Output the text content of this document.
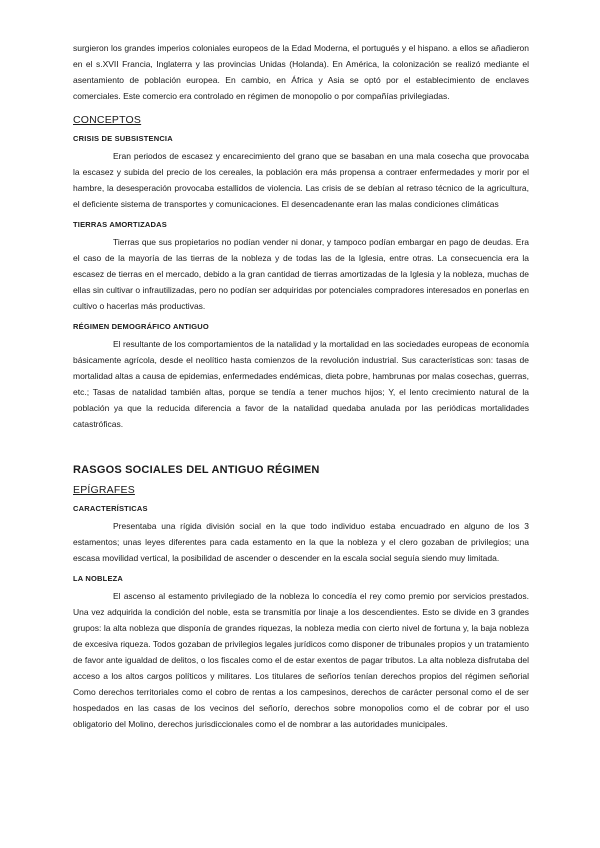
surgieron los grandes imperios coloniales europeos de la Edad Moderna, el portugués y el hispano. a ellos se añadieron en el s.XVII Francia, Inglaterra y las provincias Unidas (Holanda). En América, la colonización se realizó mediante el asentamiento de población europea. En cambio, en África y Asia se optó por el establecimiento de enclaves comerciales. Este comercio era controlado en régimen de monopolio o por compañías privilegiadas.

CONCEPTOS
CRISIS DE SUBSISTENCIA

Eran periodos de escasez y encarecimiento del grano que se basaban en una mala cosecha que provocaba la escasez y subida del precio de los cereales, la población era más propensa a contraer enfermedades y morir por el hambre, la desesperación provocaba estallidos de violencia. Las crisis de se debían al retraso técnico de la agricultura, el deficiente sistema de transportes y comunicaciones. El desencadenante eran las malas condiciones climáticas

TIERRAS AMORTIZADAS

Tierras que sus propietarios no podían vender ni donar, y tampoco podían embargar en pago de deudas. Era el caso de la mayoría de las tierras de la nobleza y de todas las de la Iglesia, entre otras. La consecuencia era la escasez de tierras en el mercado, debido a la gran cantidad de tierras amortizadas de la Iglesia y la nobleza, muchas de ellas sin cultivar o infrautilizadas, pero no podían ser adquiridas por potenciales compradores interesados en ponerlas en cultivo o hacerlas más productivas.

RÉGIMEN DEMOGRÁFICO ANTIGUO

El resultante de los comportamientos de la natalidad y la mortalidad en las sociedades europeas de economía básicamente agrícola, desde el neolítico hasta comienzos de la revolución industrial. Sus características son: tasas de mortalidad altas a causa de epidemias, enfermedades endémicas, dieta pobre, hambrunas por malas cosechas, guerras, etc.; Tasas de natalidad también altas, porque se tendía a tener muchos hijos; Y, el lento crecimiento natural de la población ya que la reducida diferencia a favor de la natalidad quedaba anulada por las periódicas mortalidades catastróficas.

RASGOS SOCIALES DEL ANTIGUO RÉGIMEN
EPÍGRAFES
CARACTERÍSTICAS

Presentaba una rígida división social en la que todo individuo estaba encuadrado en alguno de los 3 estamentos; unas leyes diferentes para cada estamento en la que la nobleza y el clero gozaban de privilegios; una escasa movilidad vertical, la posibilidad de ascender o descender en la escala social seguía siendo muy limitada.

LA NOBLEZA

El ascenso al estamento privilegiado de la nobleza lo concedía el rey como premio por servicios prestados. Una vez adquirida la condición del noble, esta se transmitía por linaje a los descendientes. Esto se divide en 3 grandes grupos: la alta nobleza que disponía de grandes riquezas, la nobleza media con cierto nivel de fortuna y, la baja nobleza de excesiva riqueza. Todos gozaban de privilegios legales jurídicos como disponer de tribunales propios y un tratamiento de favor ante igualdad de delitos, o los fiscales como el de estar exentos de pagar tributos. La alta nobleza disfrutaba del acceso a los altos cargos políticos y militares. Los titulares de señoríos tenían derechos propios del régimen señorial Como derechos territoriales como el cobro de rentas a los campesinos, derechos de carácter personal como el de ser hospedados en las casas de los vecinos del señorío, derechos sobre monopolios como el de cobrar por el uso obligatorio del Molino, derechos jurisdiccionales como el de nombrar a las autoridades municipales.
